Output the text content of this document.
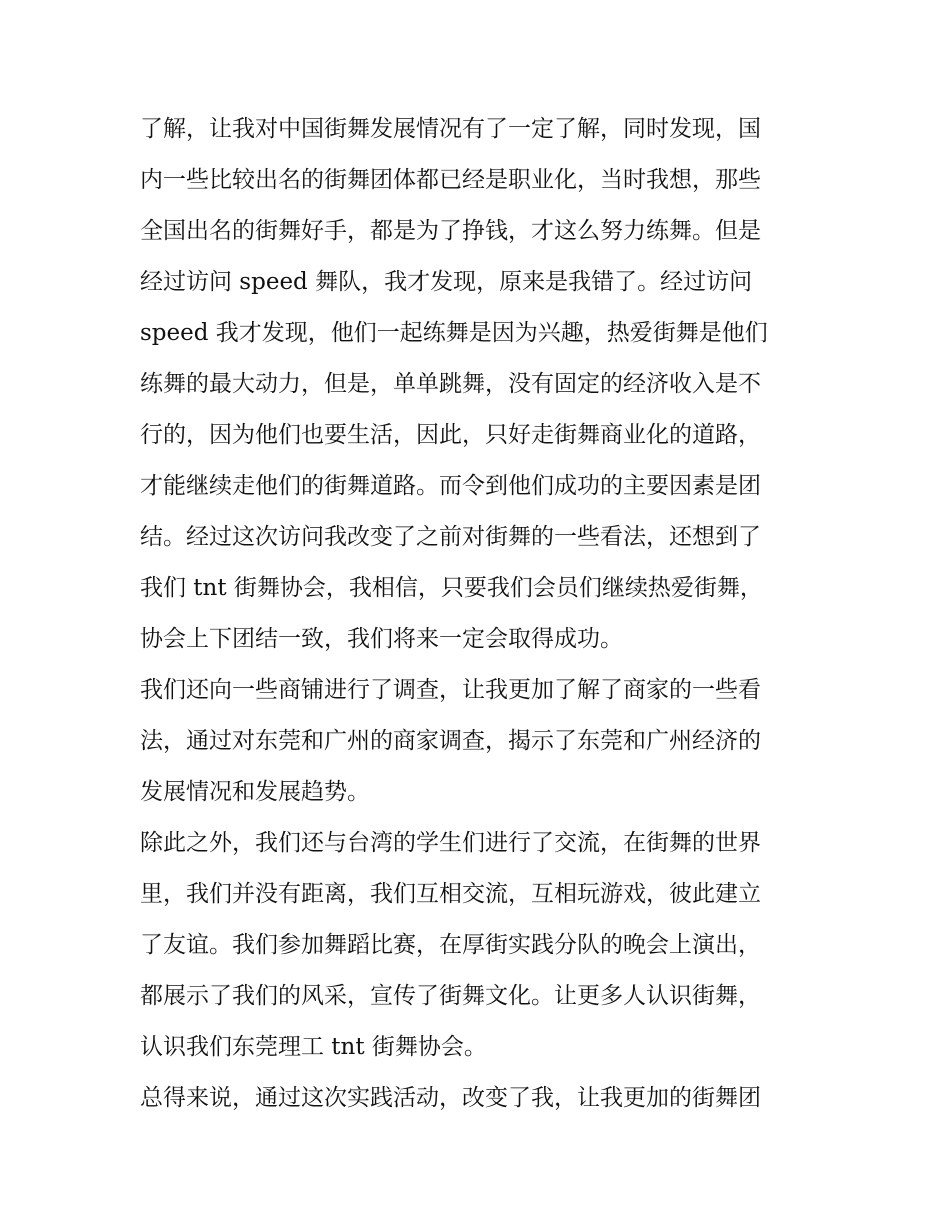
了解，让我对中国街舞发展情况有了一定了解，同时发现，国

内一些比较出名的街舞团体都已经是职业化，当时我想，那些

全国出名的街舞好手，都是为了挣钱，才这么努力练舞。但是

经过访问 speed 舞队，我才发现，原来是我错了。经过访问

speed 我才发现，他们一起练舞是因为兴趣，热爱街舞是他们

练舞的最大动力，但是，单单跳舞，没有固定的经济收入是不

行的，因为他们也要生活，因此，只好走街舞商业化的道路，

才能继续走他们的街舞道路。而令到他们成功的主要因素是团

结。经过这次访问我改变了之前对街舞的一些看法，还想到了

我们 tnt 街舞协会，我相信，只要我们会员们继续热爱街舞，

协会上下团结一致，我们将来一定会取得成功。

我们还向一些商铺进行了调查，让我更加了解了商家的一些看

法，通过对东莞和广州的商家调查，揭示了东莞和广州经济的

发展情况和发展趋势。

除此之外，我们还与台湾的学生们进行了交流，在街舞的世界

里，我们并没有距离，我们互相交流，互相玩游戏，彼此建立

了友谊。我们参加舞蹈比赛，在厚街实践分队的晚会上演出，

都展示了我们的风采，宣传了街舞文化。让更多人认识街舞，

认识我们东莞理工 tnt 街舞协会。

总得来说，通过这次实践活动，改变了我，让我更加的街舞团
